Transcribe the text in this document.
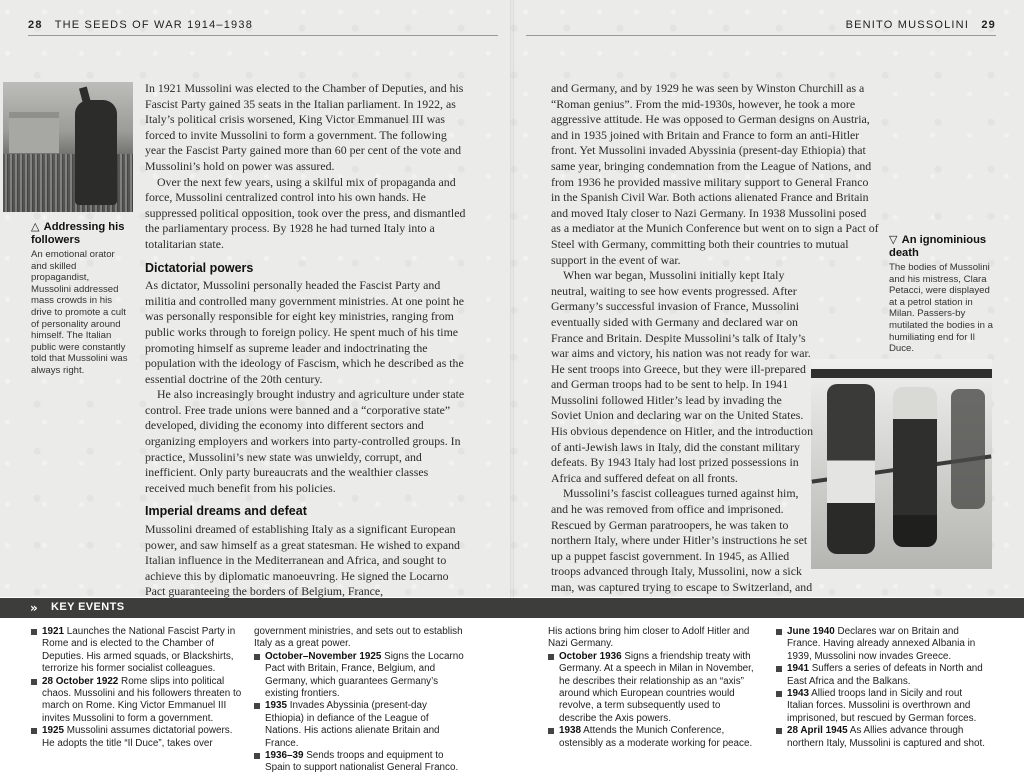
28 THE SEEDS OF WAR 1914–1938	BENITO MUSSOLINI 29
△ Addressing his followers
An emotional orator and skilled propagandist, Mussolini addressed mass crowds in his drive to promote a cult of personality around himself. The Italian public were constantly told that Mussolini was always right.
▽ An ignominious death
The bodies of Mussolini and his mistress, Clara Petacci, were displayed at a petrol station in Milan. Passers-by mutilated the bodies in a humiliating end for Il Duce.

In 1921 Mussolini was elected to the Chamber of Deputies, and his Fascist Party gained 35 seats in the Italian parliament. In 1922, as Italy’s political crisis worsened, King Victor Emmanuel III was forced to invite Mussolini to form a government. The following year the Fascist Party gained more than 60 per cent of the vote and Mussolini’s hold on power was assured.

Over the next few years, using a skilful mix of propaganda and force, Mussolini centralized control into his own hands. He suppressed political opposition, took over the press, and dismantled the parliamentary process. By 1928 he had turned Italy into a totalitarian state.

Dictatorial powers

As dictator, Mussolini personally headed the Fascist Party and militia and controlled many government ministries. At one point he was personally responsible for eight key ministries, ranging from public works through to foreign policy. He spent much of his time promoting himself as supreme leader and indoctrinating the population with the ideology of Fascism, which he described as the essential doctrine of the 20th century.

He also increasingly brought industry and agriculture under state control. Free trade unions were banned and a “corporative state” developed, dividing the economy into different sectors and organizing employers and workers into party-controlled groups. In practice, Mussolini’s new state was unwieldy, corrupt, and inefficient. Only party bureaucrats and the wealthier classes received much benefit from his policies.

Imperial dreams and defeat

Mussolini dreamed of establishing Italy as a significant European power, and saw himself as a great statesman. He wished to expand Italian influence in the Mediterranean and Africa, and sought to achieve this by diplomatic manoeuvring. He signed the Locarno Pact guaranteeing the borders of Belgium, France,

and Germany, and by 1929 he was seen by Winston Churchill as a “Roman genius”. From the mid-1930s, however, he took a more aggressive attitude. He was opposed to German designs on Austria, and in 1935 joined with Britain and France to form an anti-Hitler front. Yet Mussolini invaded Abyssinia (present-day Ethiopia) that same year, bringing condemnation from the League of Nations, and from 1936 he provided massive military support to General Franco in the Spanish Civil War. Both actions alienated France and Britain and moved Italy closer to Nazi Germany. In 1938 Mussolini posed as a mediator at the Munich Conference but went on to sign a Pact of Steel with Germany, committing both their countries to mutual support in the event of war.

When war began, Mussolini initially kept Italy neutral, waiting to see how events progressed. After Germany’s successful invasion of France, Mussolini eventually sided with Germany and declared war on France and Britain. Despite Mussolini’s talk of Italy’s war aims and victory, his nation was not ready for war. He sent troops into Greece, but they were ill-prepared and German troops had to be sent to help. In 1941 Mussolini followed Hitler’s lead by invading the Soviet Union and declaring war on the United States. His obvious dependence on Hitler, and the introduction of anti-Jewish laws in Italy, did the constant military defeats. By 1943 Italy had lost prized possessions in Africa and suffered defeat on all fronts.

Mussolini’s fascist colleagues turned against him, and he was removed from office and imprisoned. Rescued by German paratroopers, he was taken to northern Italy, where under Hitler’s instructions he set up a puppet fascist government. In 1945, as Allied troops advanced through Italy, Mussolini, now a sick man, was captured trying to escape to Switzerland, and

» KEY EVENTS
1921 Launches the National Fascist Party in Rome and is elected to the Chamber of Deputies. His armed squads, or Blackshirts, terrorize his former socialist colleagues.
28 October 1922 Rome slips into political chaos. Mussolini and his followers threaten to march on Rome. King Victor Emmanuel III invites Mussolini to form a government.
1925 Mussolini assumes dictatorial powers. He adopts the title “Il Duce”, takes over
government ministries, and sets out to establish Italy as a great power.
October–November 1925 Signs the Locarno Pact with Britain, France, Belgium, and Germany, which guarantees Germany’s existing frontiers.
1935 Invades Abyssinia (present-day Ethiopia) in defiance of the League of Nations. His actions alienate Britain and France.
1936–39 Sends troops and equipment to Spain to support nationalist General Franco.
His actions bring him closer to Adolf Hitler and Nazi Germany.
October 1936 Signs a friendship treaty with Germany. At a speech in Milan in November, he describes their relationship as an “axis” around which European countries would revolve, a term subsequently used to describe the Axis powers.
1938 Attends the Munich Conference, ostensibly as a moderate working for peace.
June 1940 Declares war on Britain and France. Having already annexed Albania in 1939, Mussolini now invades Greece.
1941 Suffers a series of defeats in North and East Africa and the Balkans.
1943 Allied troops land in Sicily and rout Italian forces. Mussolini is overthrown and imprisoned, but rescued by German forces.
28 April 1945 As Allies advance through northern Italy, Mussolini is captured and shot.
